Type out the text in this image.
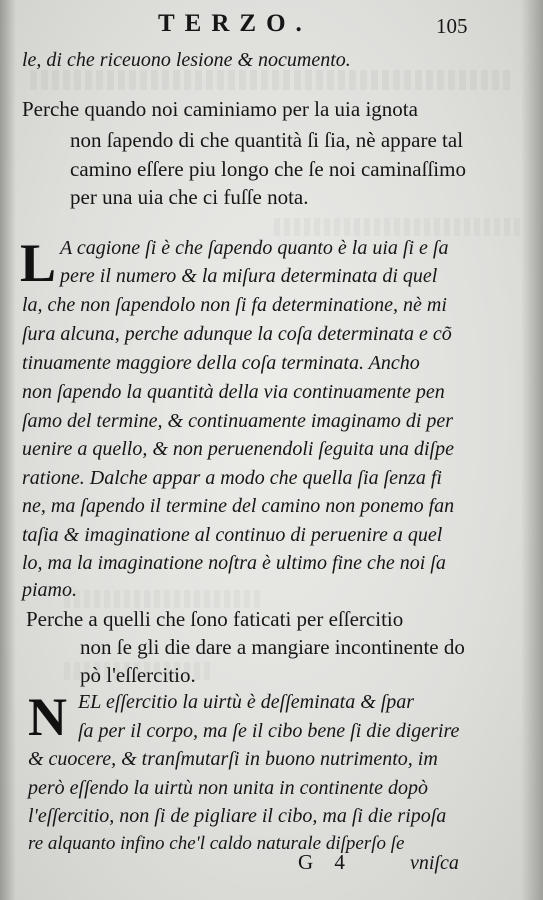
TERZO.	105
le, di che riceuono lesione & nocumento.
Perche quando noi caminiamo per la uia ignota
non ſapendo di che quantità ſi ſia, nè appare tal
camino eſſere piu longo che ſe noi caminaſſimo
per una uia che ci fuſſe nota.
L A cagione ſi è che ſapendo quanto è la uia ſi e ſa
pere il numero & la miſura determinata di quel
la, che non ſapendolo non ſi fa determinatione, nè mi
ſura alcuna, perche adunque la coſa determinata e cõ
tinuamente maggiore della coſa terminata. Ancho
non ſapendo la quantità della via continuamente pen
ſamo del termine, & continuamente imaginamo di per
uenire a quello, & non peruenendoli ſeguita una diſpe
ratione. Dalche appar a modo che quella ſia ſenza fi
ne, ma ſapendo il termine del camino non ponemo fan
taſia & imaginatione al continuo di peruenire a quel
lo, ma la imaginatione noſtra è ultimo fine che noi ſa
piamo.
Perche a quelli che ſono faticati per eſſercitio
non ſe gli die dare a mangiare incontinente do
pò l'eſſercitio.
N EL eſſercitio la uirtù è deſſeminata & ſpar
ſa per il corpo, ma ſe il cibo bene ſi die digerire
& cuocere, & tranſmutarſi in buono nutrimento, im
però eſſendo la uirtù non unita in continente dopò
l'eſſercitio, non ſi de pigliare il cibo, ma ſi die ripoſa
re alquanto infino che'l caldo naturale diſperſo ſe
G 4	vniſca
